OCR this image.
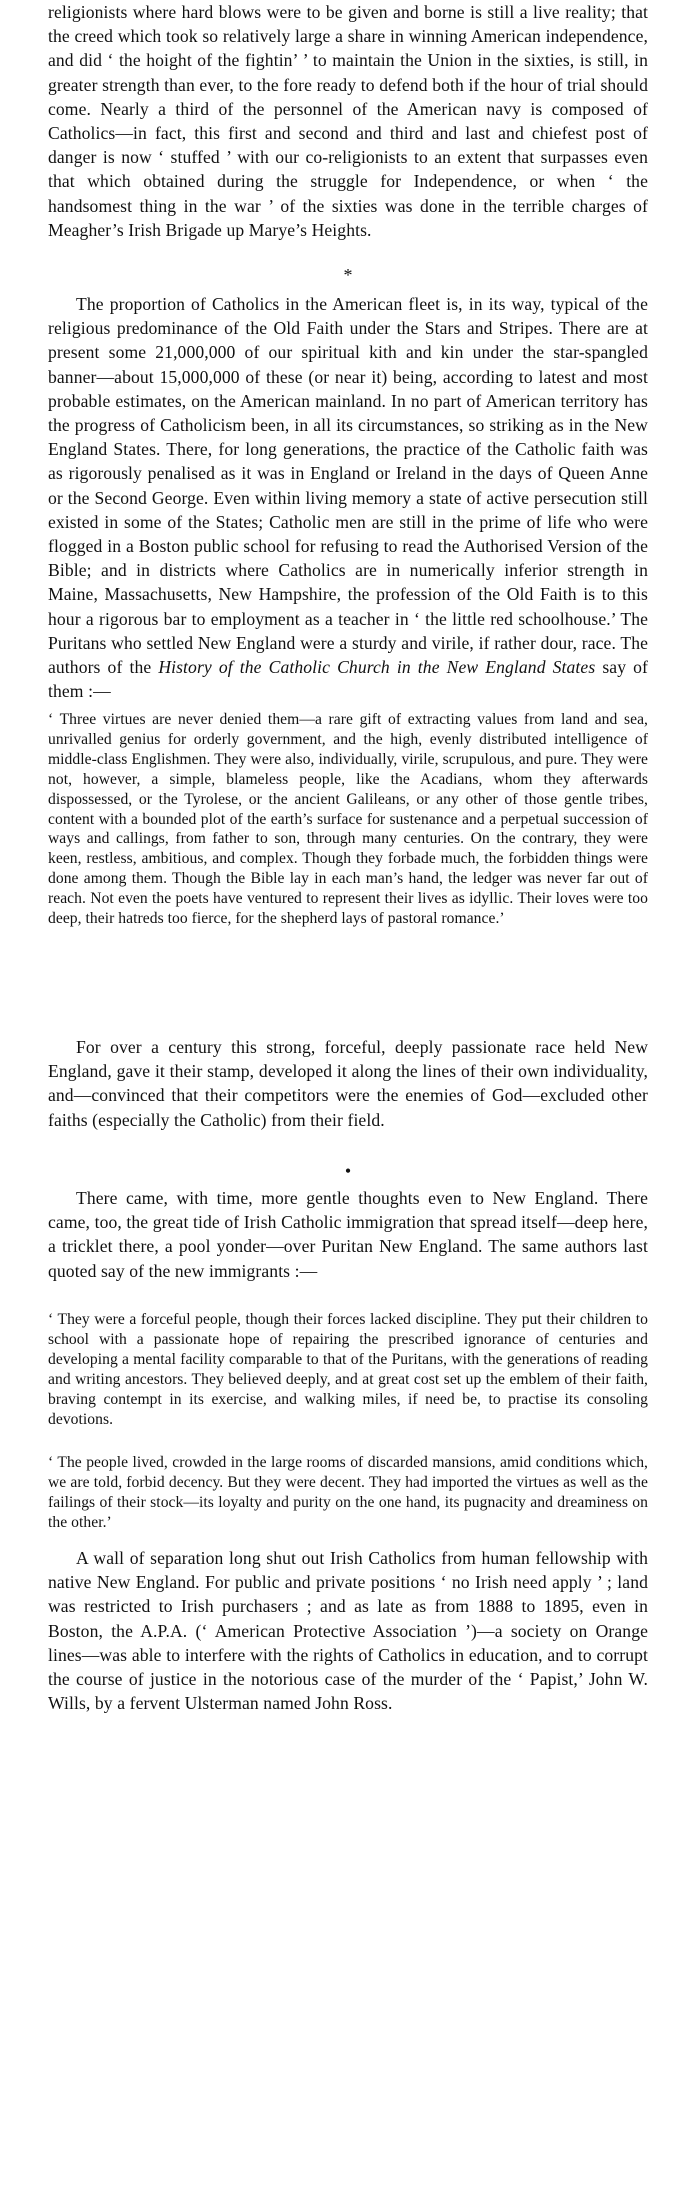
religionists where hard blows were to be given and borne is still a live reality; that the creed which took so relatively large a share in winning American independence, and did ‘ the hoight of the fightin’ ’ to maintain the Union in the sixties, is still, in greater strength than ever, to the fore ready to defend both if the hour of trial should come. Nearly a third of the personnel of the American navy is composed of Catholics—in fact, this first and second and third and last and chiefest post of danger is now ‘ stuffed ’ with our co-religionists to an extent that surpasses even that which obtained during the struggle for Independence, or when ‘ the handsomest thing in the war ’ of the sixties was done in the terrible charges of Meagher’s Irish Brigade up Marye’s Heights.

*

The proportion of Catholics in the American fleet is, in its way, typical of the religious predominance of the Old Faith under the Stars and Stripes. There are at present some 21,000,000 of our spiritual kith and kin under the star-spangled banner—about 15,000,000 of these (or near it) being, according to latest and most probable estimates, on the American mainland. In no part of American territory has the progress of Catholicism been, in all its circumstances, so striking as in the New England States. There, for long generations, the practice of the Catholic faith was as rigorously penalised as it was in England or Ireland in the days of Queen Anne or the Second George. Even within living memory a state of active persecution still existed in some of the States; Catholic men are still in the prime of life who were flogged in a Boston public school for refusing to read the Authorised Version of the Bible; and in districts where Catholics are in numerically inferior strength in Maine, Massachusetts, New Hampshire, the profession of the Old Faith is to this hour a rigorous bar to employment as a teacher in ‘ the little red schoolhouse.’ The Puritans who settled New England were a sturdy and virile, if rather dour, race. The authors of the History of the Catholic Church in the New England States say of them :—

‘ Three virtues are never denied them—a rare gift of extracting values from land and sea, unrivalled genius for orderly government, and the high, evenly distributed intelligence of middle-class Englishmen. They were also, individually, virile, scrupulous, and pure. They were not, however, a simple, blameless people, like the Acadians, whom they afterwards dispossessed, or the Tyrolese, or the ancient Galileans, or any other of those gentle tribes, content with a bounded plot of the earth’s surface for sustenance and a perpetual succession of ways and callings, from father to son, through many centuries. On the contrary, they were keen, restless, ambitious, and complex. Though they forbade much, the forbidden things were done among them. Though the Bible lay in each man’s hand, the ledger was never far out of reach. Not even the poets have ventured to represent their lives as idyllic. Their loves were too deep, their hatreds too fierce, for the shepherd lays of pastoral romance.’

For over a century this strong, forceful, deeply passionate race held New England, gave it their stamp, developed it along the lines of their own individuality, and—convinced that their competitors were the enemies of God—excluded other faiths (especially the Catholic) from their field.

•

There came, with time, more gentle thoughts even to New England. There came, too, the great tide of Irish Catholic immigration that spread itself—deep here, a tricklet there, a pool yonder—over Puritan New England. The same authors last quoted say of the new immigrants :—

‘ They were a forceful people, though their forces lacked discipline. They put their children to school with a passionate hope of repairing the prescribed ignorance of centuries and developing a mental facility comparable to that of the Puritans, with the generations of reading and writing ancestors. They believed deeply, and at great cost set up the emblem of their faith, braving contempt in its exercise, and walking miles, if need be, to practise its consoling devotions.

‘ The people lived, crowded in the large rooms of discarded mansions, amid conditions which, we are told, forbid decency. But they were decent. They had imported the virtues as well as the failings of their stock—its loyalty and purity on the one hand, its pugnacity and dreaminess on the other.’

A wall of separation long shut out Irish Catholics from human fellowship with native New England. For public and private positions ‘ no Irish need apply ’ ; land was restricted to Irish purchasers ; and as late as from 1888 to 1895, even in Boston, the A.P.A. (‘ American Protective Association ’)—a society on Orange lines—was able to interfere with the rights of Catholics in education, and to corrupt the course of justice in the notorious case of the murder of the ‘ Papist,’ John W. Wills, by a fervent Ulsterman named John Ross.
